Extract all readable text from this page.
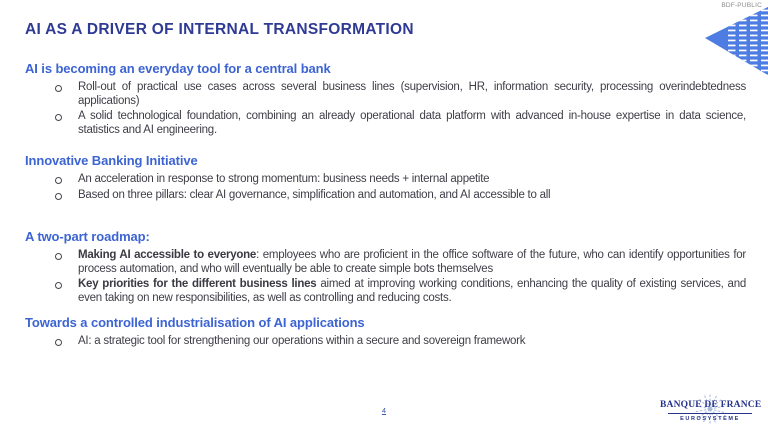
BDF-PUBLIC
AI AS A DRIVER OF INTERNAL TRANSFORMATION
AI is becoming an everyday tool for a central bank

Roll-out of practical use cases across several business lines (supervision, HR, information security, processing overindebtedness applications)

A solid technological foundation, combining an already operational data platform with advanced in-house expertise in data science, statistics and AI engineering.

Innovative Banking Initiative

An acceleration in response to strong momentum: business needs + internal appetite

Based on three pillars: clear AI governance, simplification and automation, and AI accessible to all

A two-part roadmap:

Making AI accessible to everyone: employees who are proficient in the office software of the future, who can identify opportunities for process automation, and who will eventually be able to create simple bots themselves

Key priorities for the different business lines aimed at improving working conditions, enhancing the quality of existing services, and even taking on new responsibilities, as well as controlling and reducing costs.

Towards a controlled industrialisation of AI applications

AI: a strategic tool for strengthening our operations within a secure and sovereign framework

4

BANQUE DE FRANCE

EUROSYSTÈME
